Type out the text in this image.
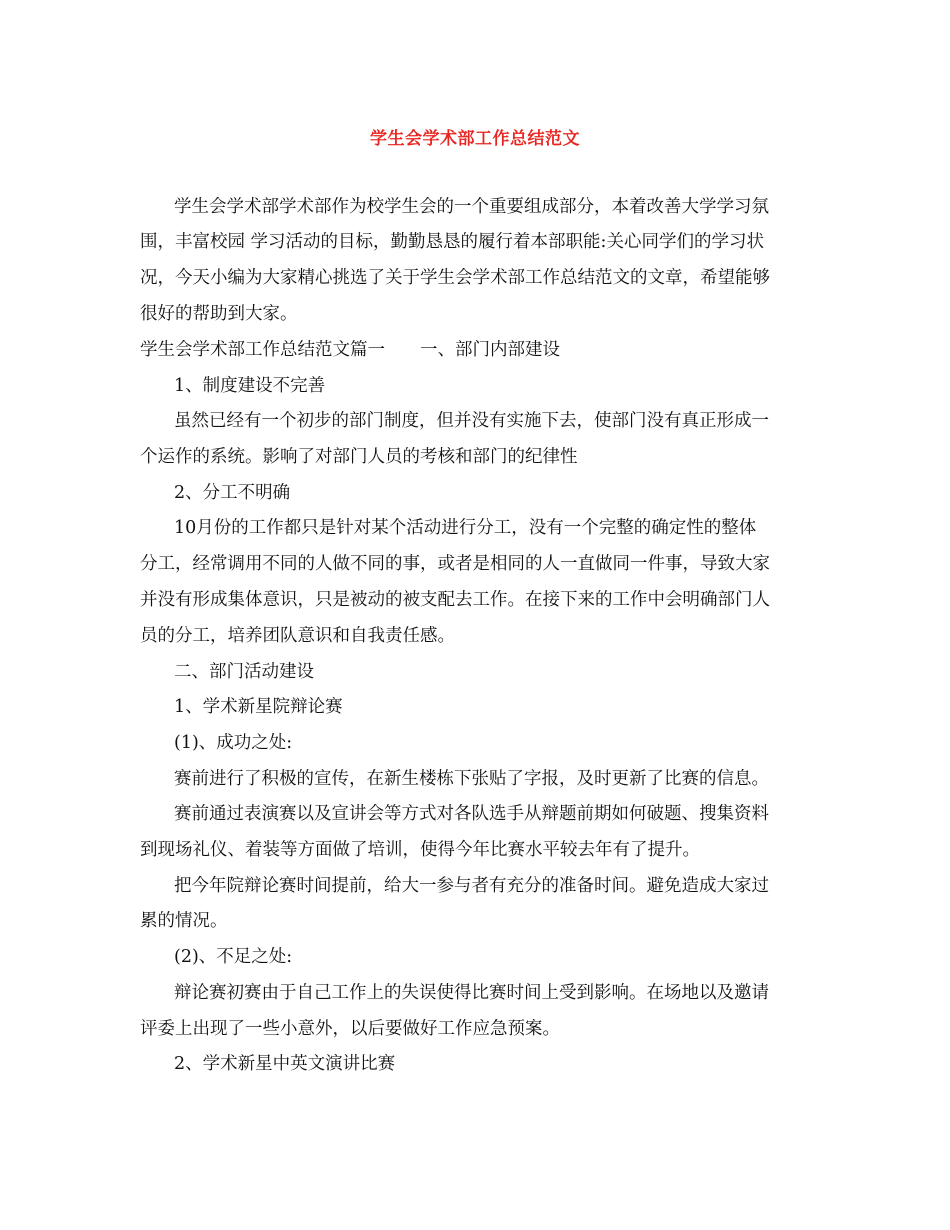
学生会学术部工作总结范文
学生会学术部学术部作为校学生会的一个重要组成部分，本着改善大学学习氛
围，丰富校园 学习活动的目标，勤勤恳恳的履行着本部职能:关心同学们的学习状
况，今天小编为大家精心挑选了关于学生会学术部工作总结范文的文章，希望能够
很好的帮助到大家。
学生会学术部工作总结范文篇一　　一、部门内部建设
1、制度建设不完善
虽然已经有一个初步的部门制度，但并没有实施下去，使部门没有真正形成一
个运作的系统。影响了对部门人员的考核和部门的纪律性
2、分工不明确
10月份的工作都只是针对某个活动进行分工，没有一个完整的确定性的整体
分工，经常调用不同的人做不同的事，或者是相同的人一直做同一件事，导致大家
并没有形成集体意识，只是被动的被支配去工作。在接下来的工作中会明确部门人
员的分工，培养团队意识和自我责任感。
二、部门活动建设
1、学术新星院辩论赛
(1)、成功之处:
赛前进行了积极的宣传，在新生楼栋下张贴了字报，及时更新了比赛的信息。
赛前通过表演赛以及宣讲会等方式对各队选手从辩题前期如何破题、搜集资料
到现场礼仪、着装等方面做了培训，使得今年比赛水平较去年有了提升。
把今年院辩论赛时间提前，给大一参与者有充分的准备时间。避免造成大家过
累的情况。
(2)、不足之处:
辩论赛初赛由于自己工作上的失误使得比赛时间上受到影响。在场地以及邀请
评委上出现了一些小意外，以后要做好工作应急预案。
2、学术新星中英文演讲比赛
